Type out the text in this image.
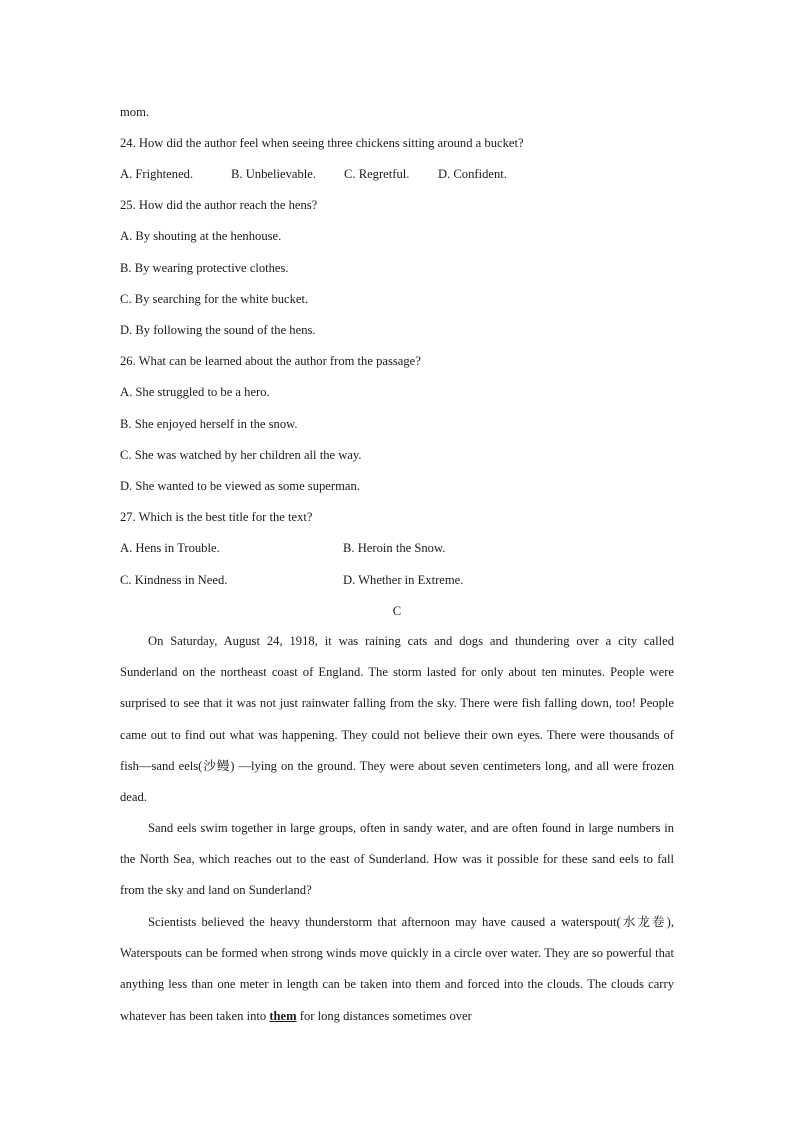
mom.
24. How did the author feel when seeing three chickens sitting around a bucket?
A. Frightened.	B. Unbelievable. C. Regretful. D. Confident.
25. How did the author reach the hens?
A. By shouting at the henhouse.
B. By wearing protective clothes.
C. By searching for the white bucket.
D. By following the sound of the hens.
26. What can be learned about the author from the passage?
A. She struggled to be a hero.
B. She enjoyed herself in the snow.
C. She was watched by her children all the way.
D. She wanted to be viewed as some superman.
27. Which is the best title for the text?
A. Hens in Trouble.	B. Heroin the Snow.
C. Kindness in Need.	D. Whether in Extreme.
C
On Saturday, August 24, 1918, it was raining cats and dogs and thundering over a city called Sunderland on the northeast coast of England. The storm lasted for only about ten minutes. People were surprised to see that it was not just rainwater falling from the sky. There were fish falling down, too! People came out to find out what was happening. They could not believe their own eyes. There were thousands of fish—sand eels(沙鳗) —lying on the ground. They were about seven centimeters long, and all were frozen dead.
Sand eels swim together in large groups, often in sandy water, and are often found in large numbers in the North Sea, which reaches out to the east of Sunderland. How was it possible for these sand eels to fall from the sky and land on Sunderland?
Scientists believed the heavy thunderstorm that afternoon may have caused a waterspout(水龙卷), Waterspouts can be formed when strong winds move quickly in a circle over water. They are so powerful that anything less than one meter in length can be taken into them and forced into the clouds. The clouds carry whatever has been taken into them for long distances sometimes over
